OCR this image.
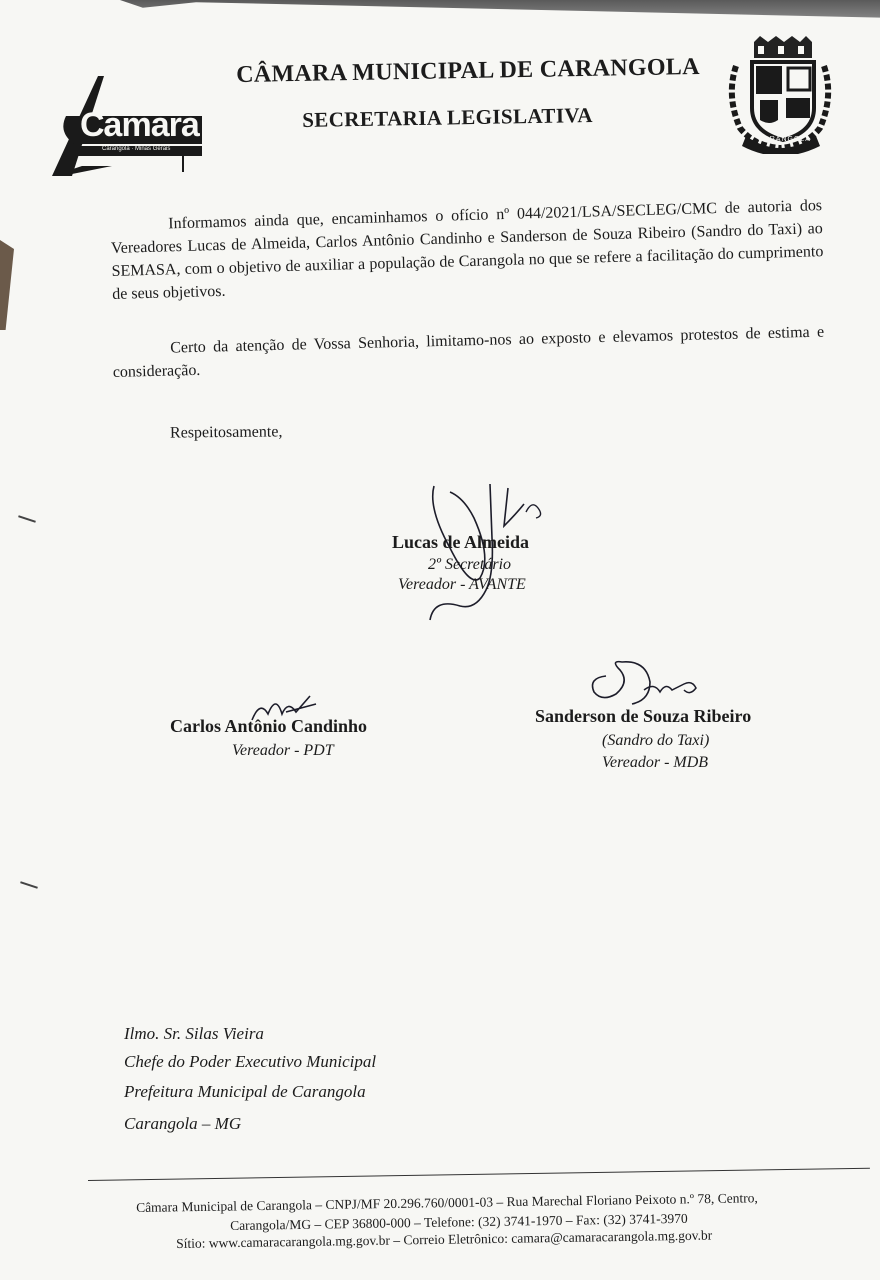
Câmara
Carangola · Minas Gerais
CÂMARA MUNICIPAL DE CARANGOLA
SECRETARIA LEGISLATIVA
CARANGOLA
Informamos ainda que, encaminhamos o ofício nº 044/2021/LSA/SECLEG/CMC de autoria dos Vereadores Lucas de Almeida, Carlos Antônio Candinho e Sanderson de Souza Ribeiro (Sandro do Taxi) ao SEMASA, com o objetivo de auxiliar a população de Carangola no que se refere a facilitação do cumprimento de seus objetivos.
Certo da atenção de Vossa Senhoria, limitamo-nos ao exposto e elevamos protestos de estima e consideração.
Respeitosamente,
Lucas de Almeida
2º Secretário
Vereador - AVANTE
Carlos Antônio Candinho
Vereador - PDT
Sanderson de Souza Ribeiro
(Sandro do Taxi)
Vereador - MDB
Ilmo. Sr. Silas Vieira
Chefe do Poder Executivo Municipal
Prefeitura Municipal de Carangola
Carangola – MG
Câmara Municipal de Carangola – CNPJ/MF 20.296.760/0001-03 – Rua Marechal Floriano Peixoto n.º 78, Centro,
Carangola/MG – CEP 36800-000 – Telefone: (32) 3741-1970 – Fax: (32) 3741-3970
Sítio: www.camaracarangola.mg.gov.br – Correio Eletrônico: camara@camaracarangola.mg.gov.br
